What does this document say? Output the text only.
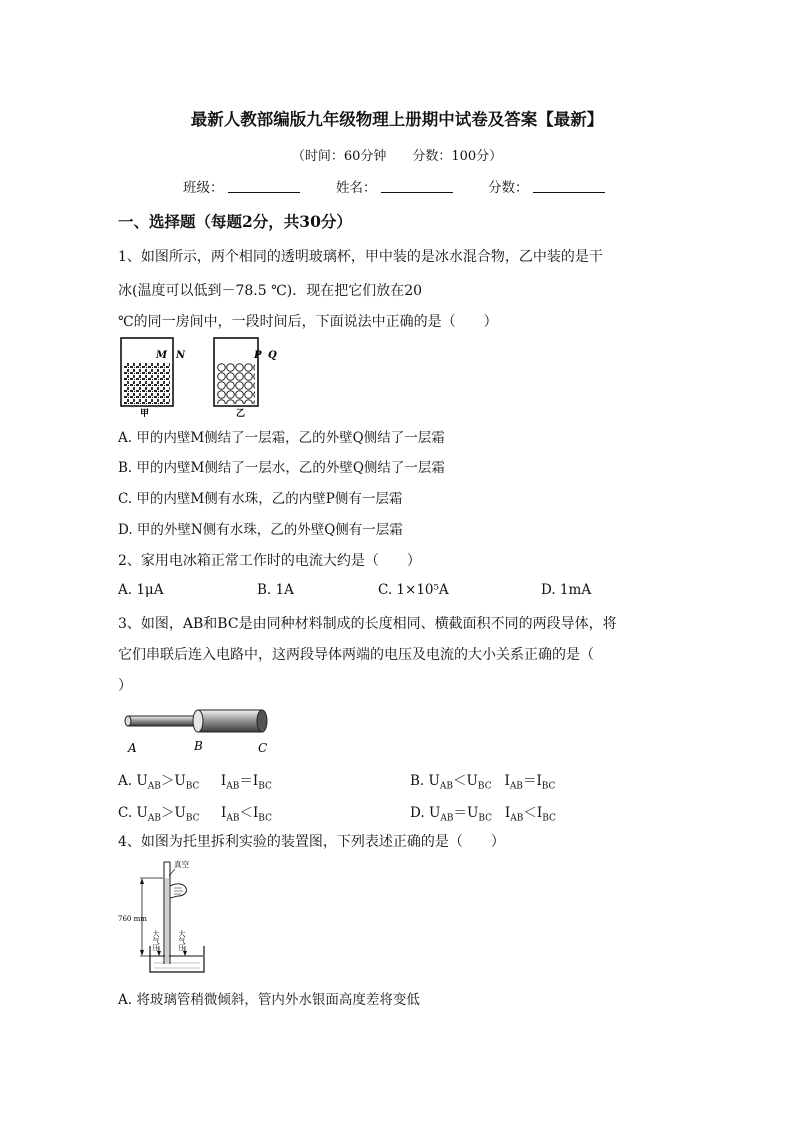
最新人教部编版九年级物理上册期中试卷及答案【最新】
（时间：60分钟　　分数：100分）
班级：	姓名：	分数：
一、选择题（每题2分，共30分）
1、如图所示，两个相同的透明玻璃杯，甲中装的是冰水混合物，乙中装的是干
冰(温度可以低到－78.5 ℃)．现在把它们放在20
℃的同一房间中，一段时间后，下面说法中正确的是（　　）
M N
甲
P Q
乙
A. 甲的内壁M侧结了一层霜，乙的外壁Q侧结了一层霜
B. 甲的内壁M侧结了一层水，乙的外壁Q侧结了一层霜
C. 甲的内壁M侧有水珠，乙的内壁P侧有一层霜
D. 甲的外壁N侧有水珠，乙的外壁Q侧有一层霜
2、家用电冰箱正常工作时的电流大约是（　　）
A. 1μA	B. 1A	C. 1×10⁵A	D. 1mA
3、如图，AB和BC是由同种材料制成的长度相同、横截面积不同的两段导体，将
它们串联后连入电路中，这两段导体两端的电压及电流的大小关系正确的是（
）
A	B	C
A. $U_{AB}>U_{BC}$ $I_{AB}=I_{BC}$	B. $U_{AB}<U_{BC}$ $I_{AB}=I_{BC}$
C. $U_{AB}>U_{BC}$ $I_{AB}<I_{BC}$	D. $U_{AB}=U_{BC}$ $I_{AB}<I_{BC}$
4、如图为托里拆利实验的装置图，下列表述正确的是（　　）
真空
760 mm
大气压	大气压
A. 将玻璃管稍微倾斜，管内外水银面高度差将变低
